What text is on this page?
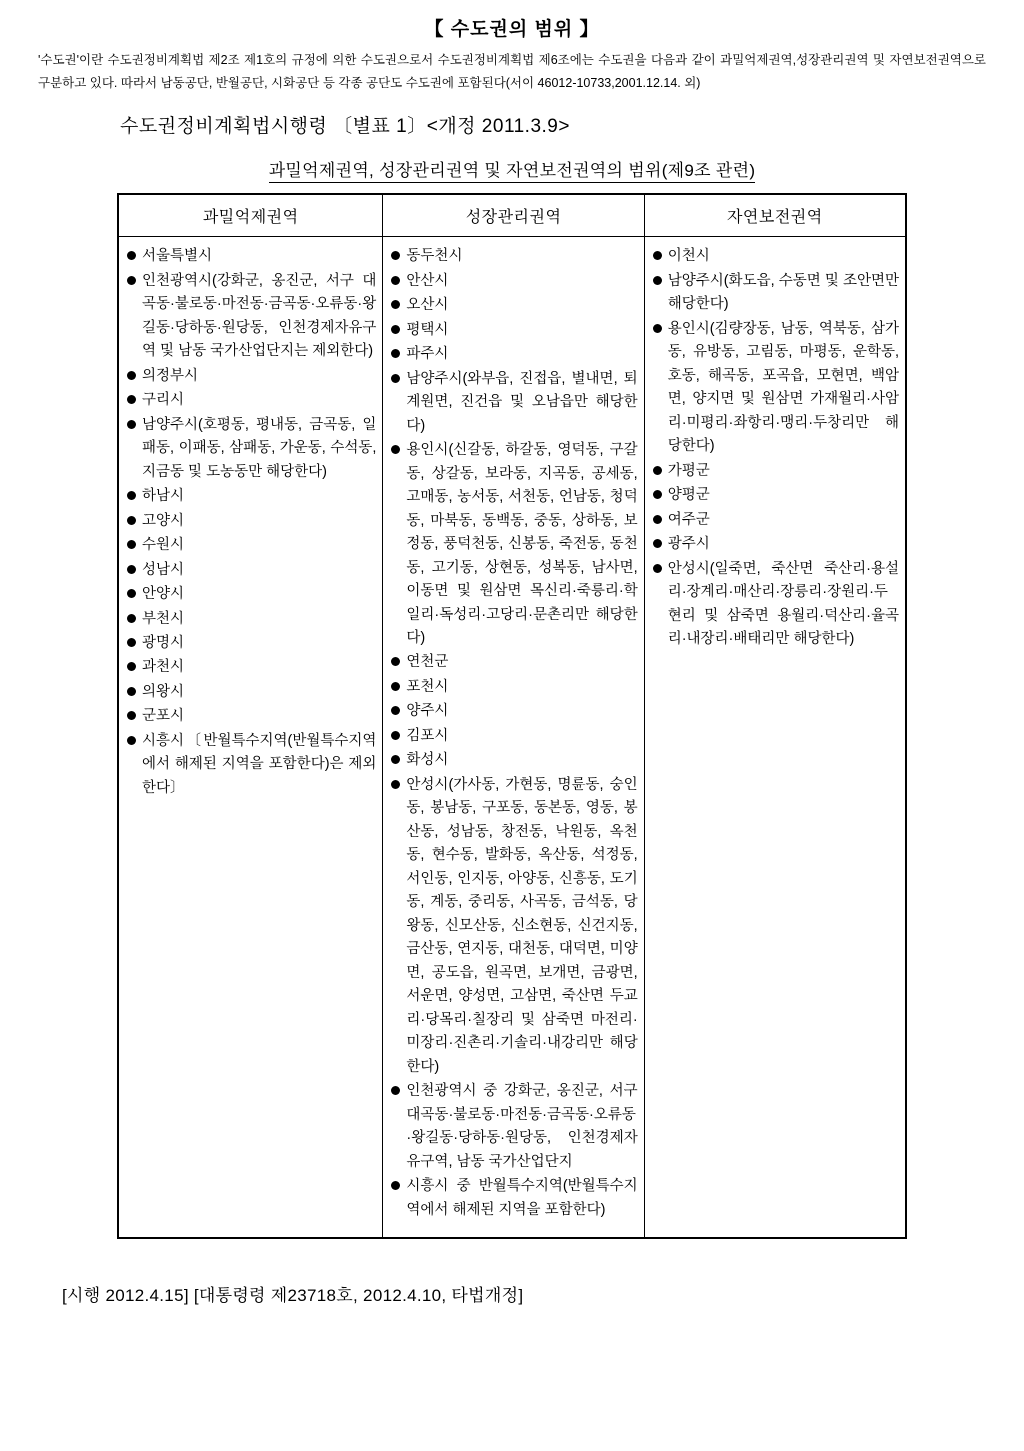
【 수도권의 범위 】
'수도권'이란 수도권정비계획법 제2조 제1호의 규정에 의한 수도권으로서 수도권정비계획법 제6조에는 수도권을 다음과 같이 과밀억제권역,성장관리권역 및 자연보전권역으로 구분하고 있다. 따라서 남동공단, 반월공단, 시화공단 등 각종 공단도 수도권에 포함된다(서이 46012-10733,2001.12.14. 외)
수도권정비계획법시행령 〔별표 1〕<개정 2011.3.9>
과밀억제권역, 성장관리권역 및 자연보전권역의 범위(제9조 관련)
과밀억제권역	성장관리권역	자연보전권역

서울특별시
인천광역시(강화군, 옹진군, 서구 대곡동·불로동·마전동·금곡동·오류동·왕길동·당하동·원당동, 인천경제자유구역 및 남동 국가산업단지는 제외한다)
의정부시
구리시
남양주시(호평동, 평내동, 금곡동, 일패동, 이패동, 삼패동, 가운동, 수석동, 지금동 및 도농동만 해당한다)
하남시
고양시
수원시
성남시
안양시
부천시
광명시
과천시
의왕시
군포시
시흥시〔반월특수지역(반월특수지역에서 해제된 지역을 포함한다)은 제외한다〕

동두천시
안산시
오산시
평택시
파주시
남양주시(와부읍, 진접읍, 별내면, 퇴계원면, 진건읍 및 오남읍만 해당한다)
용인시(신갈동, 하갈동, 영덕동, 구갈동, 상갈동, 보라동, 지곡동, 공세동, 고매동, 농서동, 서천동, 언남동, 청덕동, 마북동, 동백동, 중동, 상하동, 보정동, 풍덕천동, 신봉동, 죽전동, 동천동, 고기동, 상현동, 성복동, 남사면, 이동면 및 원삼면 목신리·죽릉리·학일리·독성리·고당리·문촌리만 해당한다)
연천군
포천시
양주시
김포시
화성시
안성시(가사동, 가현동, 명륜동, 숭인동, 봉남동, 구포동, 동본동, 영동, 봉산동, 성남동, 창전동, 낙원동, 옥천동, 현수동, 발화동, 옥산동, 석정동, 서인동, 인지동, 아양동, 신흥동, 도기동, 계동, 중리동, 사곡동, 금석동, 당왕동, 신모산동, 신소현동, 신건지동, 금산동, 연지동, 대천동, 대덕면, 미양면, 공도읍, 원곡면, 보개면, 금광면, 서운면, 양성면, 고삼면, 죽산면 두교리·당목리·칠장리 및 삼죽면 마전리·미장리·진촌리·기솔리·내강리만 해당한다)
인천광역시 중 강화군, 옹진군, 서구 대곡동·불로동·마전동·금곡동·오류동·왕길동·당하동·원당동, 인천경제자유구역, 남동 국가산업단지
시흥시 중 반월특수지역(반월특수지역에서 해제된 지역을 포함한다)

이천시
남양주시(화도읍, 수동면 및 조안면만 해당한다)
용인시(김량장동, 남동, 역북동, 삼가동, 유방동, 고림동, 마평동, 운학동, 호동, 해곡동, 포곡읍, 모현면, 백암면, 양지면 및 원삼면 가재월리·사암리·미평리·좌항리·맹리·두창리만 해당한다)
가평군
양평군
여주군
광주시
안성시(일죽면, 죽산면 죽산리·용설리·장계리·매산리·장릉리·장원리·두현리 및 삼죽면 용월리·덕산리·율곡리·내장리·배태리만 해당한다)
[시행 2012.4.15] [대통령령 제23718호, 2012.4.10, 타법개정]
